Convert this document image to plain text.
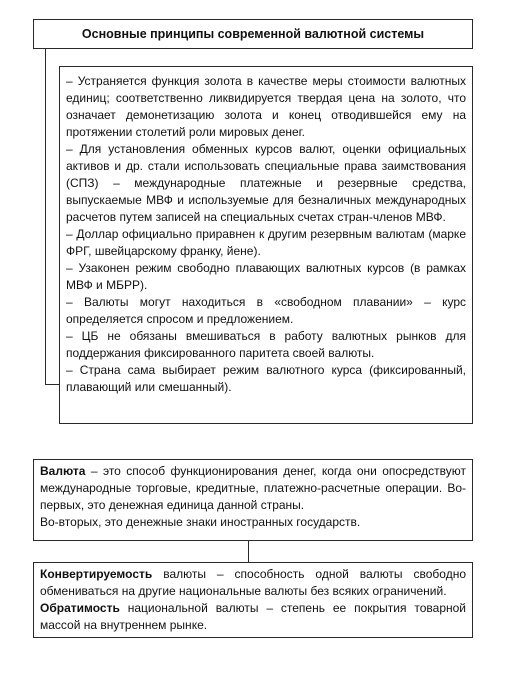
Основные принципы современной валютной системы

– Устраняется функция золота в качестве меры стоимости валютных единиц; соответственно ликвидируется твердая цена на золото, что означает демонетизацию золота и конец отводившейся ему на протяжении столетий роли мировых денег.

– Для установления обменных курсов валют, оценки официальных активов и др. стали использовать специальные права заимствования (СПЗ) – международные платежные и резервные средства, выпускаемые МВФ и используемые для безналичных международных расчетов путем записей на специальных счетах стран-членов МВФ.

– Доллар официально приравнен к другим резервным валютам (марке ФРГ, швейцарскому франку, йене).

– Узаконен режим свободно плавающих валютных курсов (в рамках МВФ и МБРР).

– Валюты могут находиться в «свободном плавании» – курс определяется спросом и предложением.

– ЦБ не обязаны вмешиваться в работу валютных рынков для поддержания фиксированного паритета своей валюты.

– Страна сама выбирает режим валютного курса (фиксированный, плавающий или смешанный).

Валюта – это способ функционирования денег, когда они опосредствуют международные торговые, кредитные, платежно-расчетные операции. Во-первых, это денежная единица данной страны.

Во-вторых, это денежные знаки иностранных государств.

Конвертируемость валюты – способность одной валюты свободно обмениваться на другие национальные валюты без всяких ограничений.

Обратимость национальной валюты – степень ее покрытия товарной массой на внутреннем рынке.
